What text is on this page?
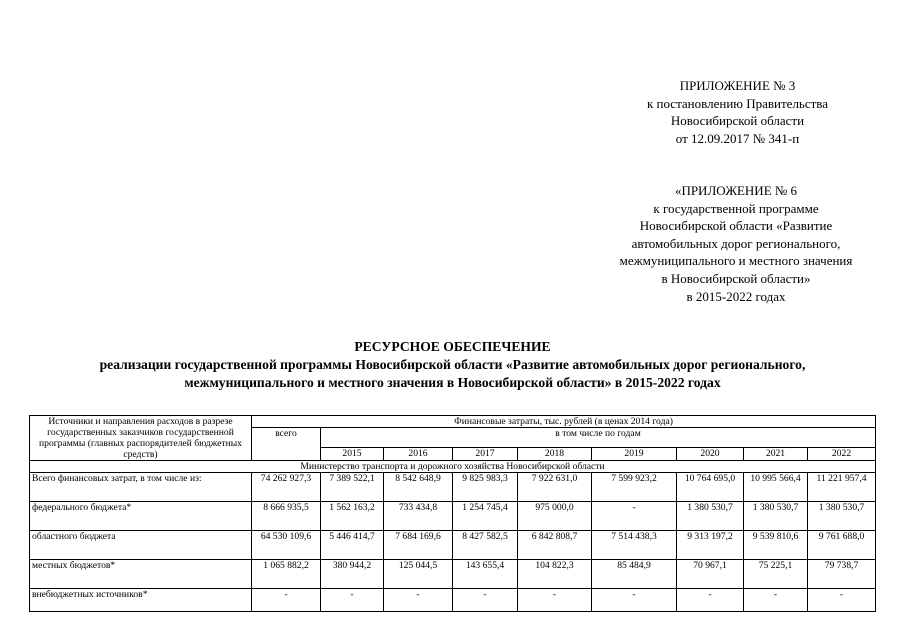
ПРИЛОЖЕНИЕ № 3
к постановлению Правительства
Новосибирской области
от 12.09.2017 № 341-п
«ПРИЛОЖЕНИЕ № 6
к государственной программе
Новосибирской области «Развитие
автомобильных дорог регионального,
межмуниципального и местного значения
в Новосибирской области»
в 2015-2022 годах
РЕСУРСНОЕ ОБЕСПЕЧЕНИЕ
реализации государственной программы Новосибирской области «Развитие автомобильных дорог регионального,
межмуниципального и местного значения в Новосибирской области» в 2015-2022 годах
Источники и направления расходов в разрезе государственных заказчиков государственной программы (главных распорядителей бюджетных средств)	Финансовые затраты, тыс. рублей (в ценах 2014 года)								
	всего	в том числе по годам							
		2015	2016	2017	2018	2019	2020	2021	2022
Министерство транспорта и дорожного хозяйства Новосибирской области									
Всего финансовых затрат, в том числе из:	74 262 927,3	7 389 522,1	8 542 648,9	9 825 983,3	7 922 631,0	7 599 923,2	10 764 695,0	10 995 566,4	11 221 957,4
федерального бюджета*	8 666 935,5	1 562 163,2	733 434,8	1 254 745,4	975 000,0	-	1 380 530,7	1 380 530,7	1 380 530,7
областного бюджета	64 530 109,6	5 446 414,7	7 684 169,6	8 427 582,5	6 842 808,7	7 514 438,3	9 313 197,2	9 539 810,6	9 761 688,0
местных бюджетов*	1 065 882,2	380 944,2	125 044,5	143 655,4	104 822,3	85 484,9	70 967,1	75 225,1	79 738,7
внебюджетных источников*	-	-	-	-	-	-	-	-	-
